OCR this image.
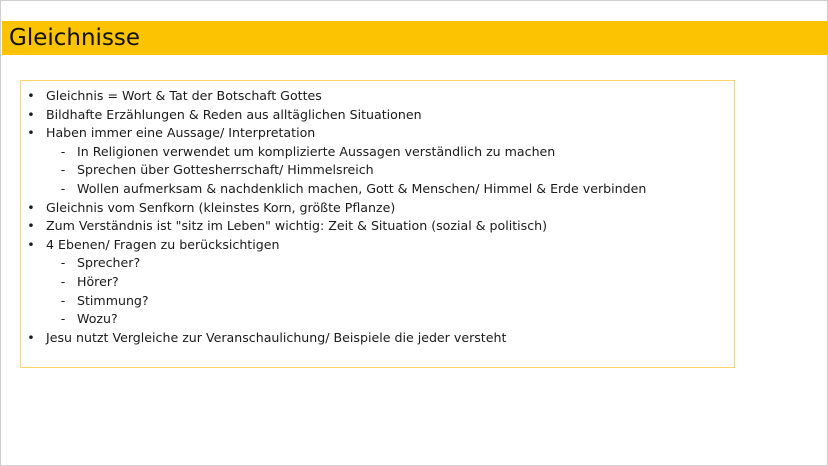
Gleichnisse
• Gleichnis = Wort & Tat der Botschaft Gottes
• Bildhafte Erzählungen & Reden aus alltäglichen Situationen
• Haben immer eine Aussage/ Interpretation
- In Religionen verwendet um komplizierte Aussagen verständlich zu machen
- Sprechen über Gottesherrschaft/ Himmelsreich
- Wollen aufmerksam & nachdenklich machen, Gott & Menschen/ Himmel & Erde verbinden
• Gleichnis vom Senfkorn (kleinstes Korn, größte Pflanze)
• Zum Verständnis ist "sitz im Leben" wichtig: Zeit & Situation (sozial & politisch)
• 4 Ebenen/ Fragen zu berücksichtigen
- Sprecher?
- Hörer?
- Stimmung?
- Wozu?
• Jesu nutzt Vergleiche zur Veranschaulichung/ Beispiele die jeder versteht
